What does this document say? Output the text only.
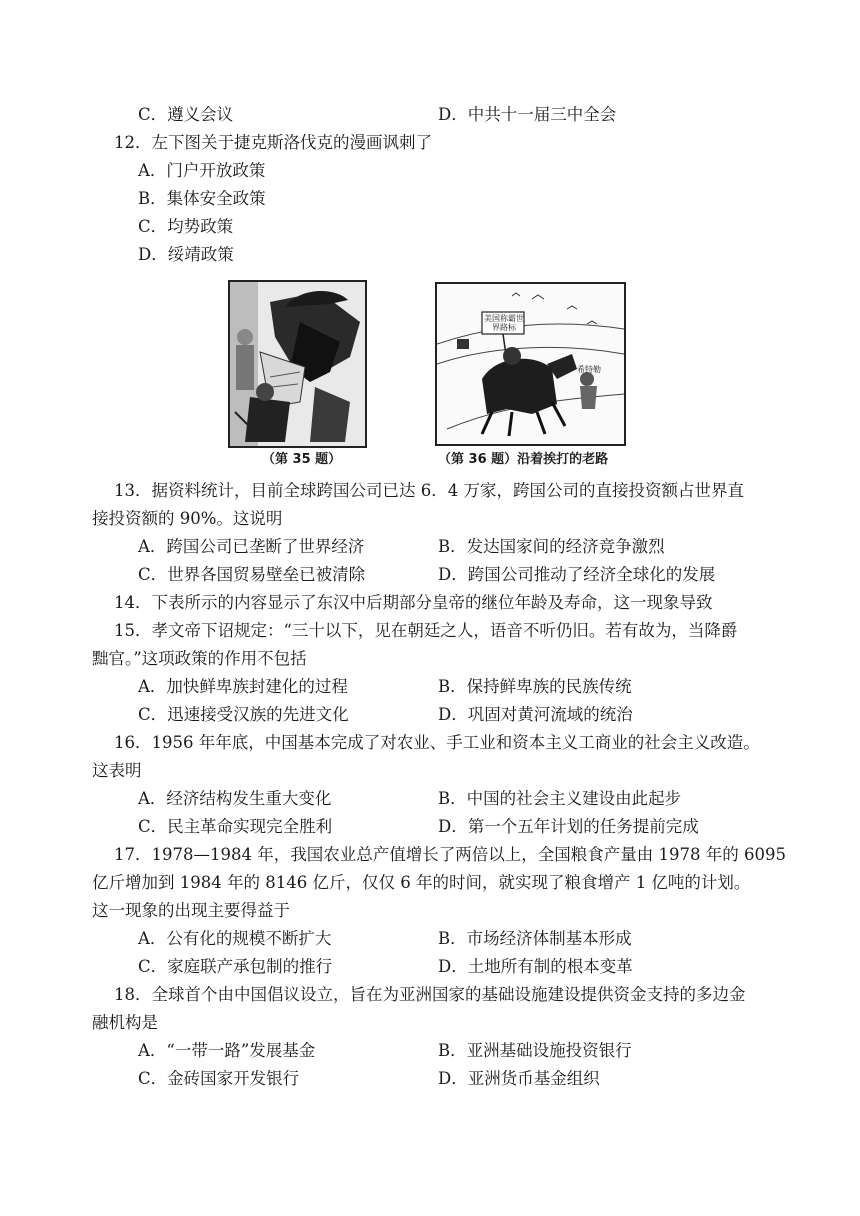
C．遵义会议	D．中共十一届三中全会
12．左下图关于捷克斯洛伐克的漫画讽刺了
A．门户开放政策
B．集体安全政策
C．均势政策
D．绥靖政策
（第 35 题）
美国称霸世界路标
希特勒
（第 36 题）沿着挨打的老路
13．据资料统计，目前全球跨国公司已达 6．4 万家，跨国公司的直接投资额占世界直
接投资额的 90%。这说明
A．跨国公司已垄断了世界经济	B．发达国家间的经济竞争激烈
C．世界各国贸易壁垒已被清除	D．跨国公司推动了经济全球化的发展
14．下表所示的内容显示了东汉中后期部分皇帝的继位年龄及寿命，这一现象导致
15．孝文帝下诏规定：“三十以下，见在朝廷之人，语音不听仍旧。若有故为，当降爵
黜官。”这项政策的作用不包括
A．加快鲜卑族封建化的过程	B．保持鲜卑族的民族传统
C．迅速接受汉族的先进文化	D．巩固对黄河流域的统治
16．1956 年年底，中国基本完成了对农业、手工业和资本主义工商业的社会主义改造。
这表明
A．经济结构发生重大变化	B．中国的社会主义建设由此起步
C．民主革命实现完全胜利	D．第一个五年计划的任务提前完成
17．1978—1984 年，我国农业总产值增长了两倍以上，全国粮食产量由 1978 年的 6095
亿斤增加到 1984 年的 8146 亿斤，仅仅 6 年的时间，就实现了粮食增产 1 亿吨的计划。
这一现象的出现主要得益于
A．公有化的规模不断扩大	B．市场经济体制基本形成
C．家庭联产承包制的推行	D．土地所有制的根本变革
18．全球首个由中国倡议设立，旨在为亚洲国家的基础设施建设提供资金支持的多边金
融机构是
A．“一带一路”发展基金	B．亚洲基础设施投资银行
C．金砖国家开发银行	D．亚洲货币基金组织
